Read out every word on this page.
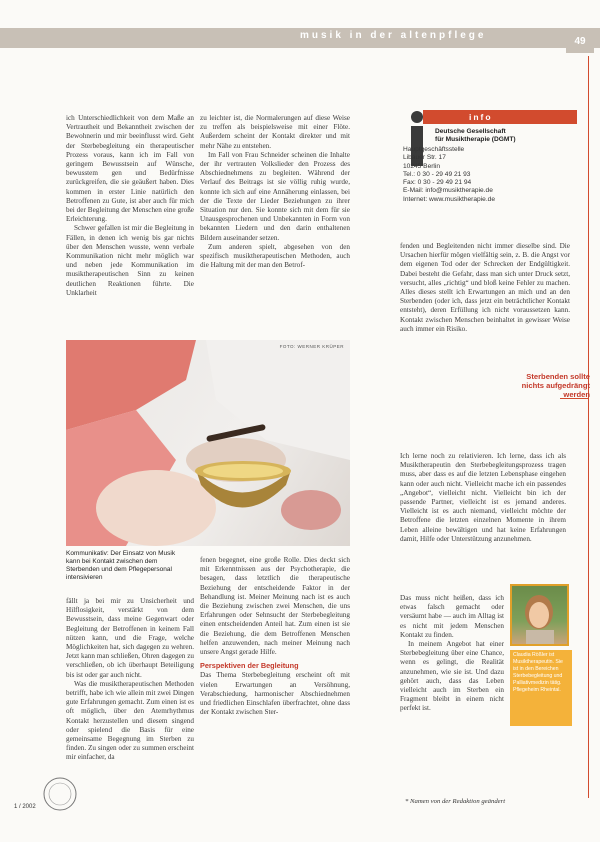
musik in der altenpflege
49

ich Unterschiedlichkeit von dem Maße an Vertrautheit und Bekanntheit zwischen der Bewohnerin und mir beeinflusst wird. Geht der Sterbebegleitung ein therapeutischer Prozess voraus, kann ich im Fall von geringem Bewusstsein auf Wünsche, bewusstem gen und Bedürfnisse zurückgreifen, die sie geäußert haben. Dies kommen in erster Linie natürlich den Betroffenen zu Gute, ist aber auch für mich bei der Begleitung der Menschen eine große Erleichterung.

Schwer gefallen ist mir die Begleitung in Fällen, in denen ich wenig bis gar nichts über den Menschen wusste, wenn verbale Kommunikation nicht mehr möglich war und neben jede Kommunikation im musiktherapeutischen Sinn zu keinen deutlichen Reaktionen führte. Die Unklarheit

zu leichter ist, die Normalerungen auf diese Weise zu treffen als beispielsweise mit einer Flöte. Außerdem scheint der Kontakt direkter und mit mehr Nähe zu entstehen.

Im Fall von Frau Schneider scheinen die Inhalte der ihr vertrauten Volkslieder den Prozess des Abschiednehmens zu begleiten. Während der Verlauf des Beitrags ist sie völlig ruhig wurde, konnte ich sich auf eine Annäherung einlassen, bei der die Texte der Lieder Beziehungen zu ihrer Situation nur den. Sie konnte sich mit dem für sie Unausgesprochenen und Unbekannten in Form von bekannten Liedern und den darin enthaltenen Bildern auseinander setzen.

Zum anderen spielt, abgesehen von den spezifisch musiktherapeutischen Methoden, auch die Haltung mit der man den Betrof-

info
Deutsche Gesellschaft
für Musiktherapie (DGMT)
Hauptgeschäftsstelle
Libauer Str. 17
10245 Berlin
Tel.: 0 30 - 29 49 21 93
Fax: 0 30 - 29 49 21 94
E-Mail: info@musiktherapie.de
Internet: www.musiktherapie.de

fenden und Begleitenden nicht immer dieselbe sind. Die Ursachen hierfür mögen vielfältig sein, z. B. die Angst vor dem eigenen Tod oder der Schrecken der Endgültigkeit. Dabei besteht die Gefahr, dass man sich unter Druck setzt, versucht, alles „richtig“ und bloß keine Fehler zu machen. Alles dieses stellt ich Erwartungen an mich und an den Sterbenden (oder ich, dass jetzt ein beträchtlicher Kontakt entsteht), deren Erfüllung ich nicht voraussetzen kann. Kontakt zwischen Menschen beinhaltet in gewisser Weise auch immer ein Risiko.

Ich lerne noch zu relativieren. Ich lerne, dass ich als Musiktherapeutin den Sterbebegleitungsprozess tragen muss, aber dass es auf die letzten Lebensphase eingehen kann oder auch nicht. Vielleicht mache ich ein passendes „Angebot“, vielleicht nicht. Vielleicht bin ich der passende Partner, vielleicht ist es jemand anderes. Vielleicht ist es auch niemand, vielleicht möchte der Betroffene die letzten einzelnen Momente in ihrem Leben alleine bewältigen und hat keine Erfahrungen damit, Hilfe oder Unterstützung anzunehmen.

Das muss nicht heißen, dass ich etwas falsch gemacht oder versäumt habe — auch im Alltag ist es nicht mit jedem Menschen Kontakt zu finden.

In meinem Angebot hat einer Sterbebegleitung über eine Chance, wenn es gelingt, die Realität anzunehmen, wie sie ist. Und dazu gehört auch, dass das Leben vielleicht auch im Sterben ein Fragment bleibt in einem nicht perfekt ist.

Sterbenden sollte nichts aufgedrängt werden
FOTO: WERNER KRÜPER
Kommunikativ: Der Einsatz von Musik kann bei Kontakt zwischen dem Sterbenden und dem Pflegepersonal intensivieren

fällt ja bei mir zu Unsicherheit und Hilflosigkeit, verstärkt von dem Bewusstsein, dass meine Gegenwart oder Begleitung der Betroffenen in keinem Fall nützen kann, und die Frage, welche Möglichkeiten hat, sich dagegen zu wehren. Jetzt kann man schließen, Ohren dagegen zu verschließen, ob ich überhaupt Beteiligung bis ist oder gar auch nicht.

Was die musiktherapeutischen Methoden betrifft, habe ich wie allein mit zwei Dingen gute Erfahrungen gemacht. Zum einen ist es oft möglich, über den Atemrhythmus Kontakt herzustellen und diesem singend oder spielend die Basis für eine gemeinsame Begegnung im Sterben zu finden. Zu singen oder zu summen erscheint mir einfacher, da

fenen begegnet, eine große Rolle. Dies deckt sich mit Erkenntnissen aus der Psychotherapie, die besagen, dass letztlich die therapeutische Beziehung der entscheidende Faktor in der Behandlung ist. Meiner Meinung nach ist es auch die Beziehung zwischen zwei Menschen, die uns Erfahrungen oder Sehnsucht der Sterbebegleitung einen entscheidenden Anteil hat. Zum einen ist sie die Beziehung, die dem Betroffenen Menschen helfen anzuwenden, nach meiner Meinung nach unsere Angst gerade Hilfe.

Perspektiven der Begleitung

Das Thema Sterbebegleitung erscheint oft mit vielen Erwartungen an Versöhnung, Verabschiedung, harmonischer Abschiednehmen und friedlichen Einschlafen überfrachtet, ohne dass der Kontakt zwischen Ster-

Claudia Rößler ist Musiktherapeutin. Sie ist in den Bereichen Sterbebegleitung und Palliativmedizin tätig. Pflegeheim Rheintal.
* Namen von der Redaktion geändert
1 / 2002
